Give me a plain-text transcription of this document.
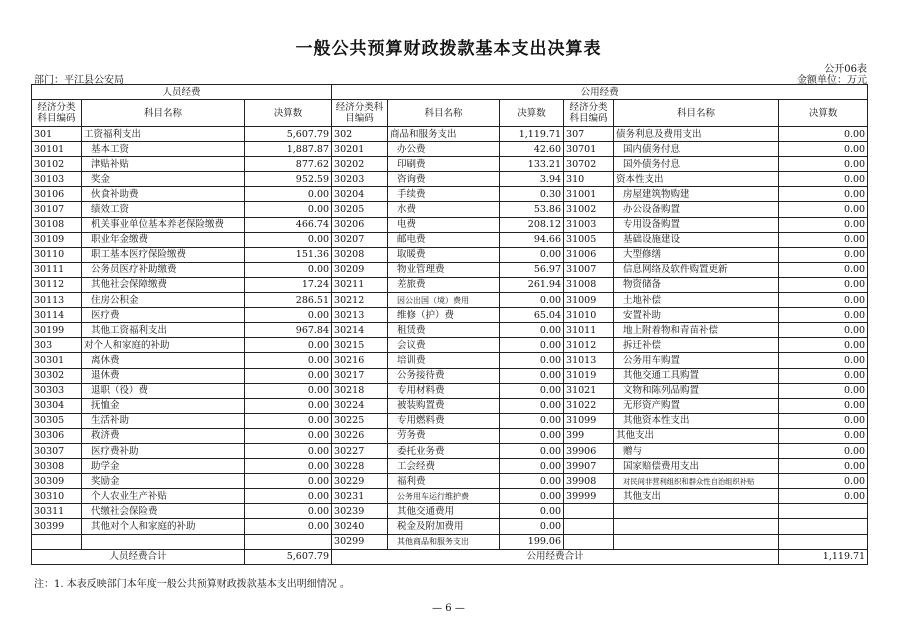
一般公共预算财政拨款基本支出决算表
公开06表
部门：平江县公安局	金额单位：万元
人员经费			公用经费					
经济分类科目编码	科目名称	决算数	经济分类科目编码	科目名称	决算数	经济分类科目编码	科目名称	决算数
301	工资福利支出	5,607.79	302	商品和服务支出	1,119.71	307	债务利息及费用支出	0.00
30101	基本工资	1,887.87	30201	办公费	42.60	30701	国内债务付息	0.00
30102	津贴补贴	877.62	30202	印刷费	133.21	30702	国外债务付息	0.00
30103	奖金	952.59	30203	咨询费	3.94	310	资本性支出	0.00
30106	伙食补助费	0.00	30204	手续费	0.30	31001	房屋建筑物购建	0.00
30107	绩效工资	0.00	30205	水费	53.86	31002	办公设备购置	0.00
30108	机关事业单位基本养老保险缴费	466.74	30206	电费	208.12	31003	专用设备购置	0.00
30109	职业年金缴费	0.00	30207	邮电费	94.66	31005	基础设施建设	0.00
30110	职工基本医疗保险缴费	151.36	30208	取暖费	0.00	31006	大型修缮	0.00
30111	公务员医疗补助缴费	0.00	30209	物业管理费	56.97	31007	信息网络及软件购置更新	0.00
30112	其他社会保障缴费	17.24	30211	差旅费	261.94	31008	物资储备	0.00
30113	住房公积金	286.51	30212	因公出国（境）费用	0.00	31009	土地补偿	0.00
30114	医疗费	0.00	30213	维修（护）费	65.04	31010	安置补助	0.00
30199	其他工资福利支出	967.84	30214	租赁费	0.00	31011	地上附着物和青苗补偿	0.00
303	对个人和家庭的补助	0.00	30215	会议费	0.00	31012	拆迁补偿	0.00
30301	离休费	0.00	30216	培训费	0.00	31013	公务用车购置	0.00
30302	退休费	0.00	30217	公务接待费	0.00	31019	其他交通工具购置	0.00
30303	退职（役）费	0.00	30218	专用材料费	0.00	31021	文物和陈列品购置	0.00
30304	抚恤金	0.00	30224	被装购置费	0.00	31022	无形资产购置	0.00
30305	生活补助	0.00	30225	专用燃料费	0.00	31099	其他资本性支出	0.00
30306	救济费	0.00	30226	劳务费	0.00	399	其他支出	0.00
30307	医疗费补助	0.00	30227	委托业务费	0.00	39906	赠与	0.00
30308	助学金	0.00	30228	工会经费	0.00	39907	国家赔偿费用支出	0.00
30309	奖励金	0.00	30229	福利费	0.00	39908	对民间非营利组织和群众性自治组织补贴	0.00
30310	个人农业生产补贴	0.00	30231	公务用车运行维护费	0.00	39999	其他支出	0.00
30311	代缴社会保险费	0.00	30239	其他交通费用	0.00			
30399	其他对个人和家庭的补助	0.00	30240	税金及附加费用	0.00			
			30299	其他商品和服务支出	199.06			
人员经费合计		5,607.79	公用经费合计					1,119.71
注：1. 本表反映部门本年度一般公共预算财政拨款基本支出明细情况 。
— 6 —
